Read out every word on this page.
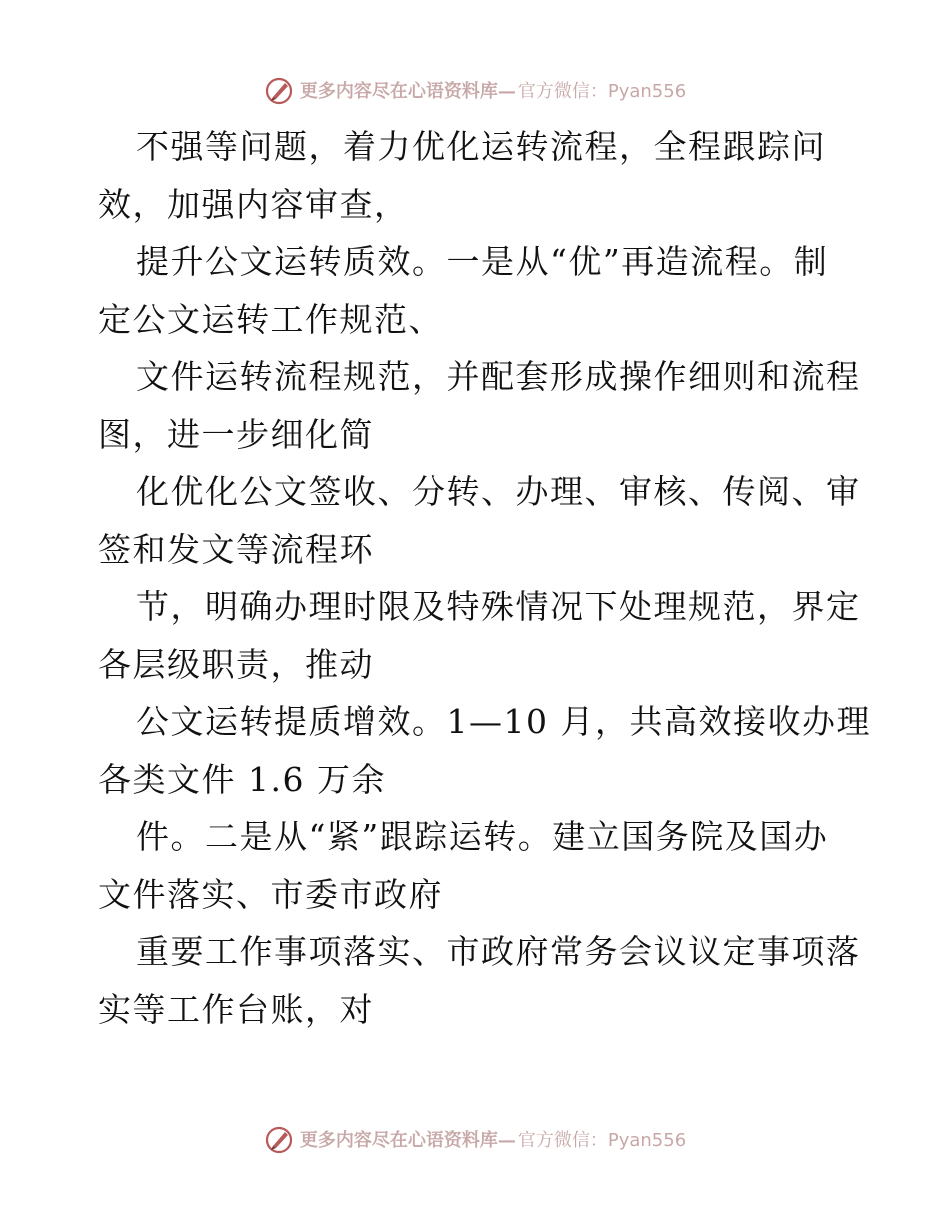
更多内容尽在心语资料库— 官方微信：Pyan556
不强等问题，着力优化运转流程，全程跟踪问
效，加强内容审查，
提升公文运转质效。一是从“优”再造流程。制
定公文运转工作规范、
文件运转流程规范，并配套形成操作细则和流程
图，进一步细化简
化优化公文签收、分转、办理、审核、传阅、审
签和发文等流程环
节，明确办理时限及特殊情况下处理规范，界定
各层级职责，推动
公文运转提质增效。1—10 月，共高效接收办理
各类文件 1.6 万余
件。二是从“紧”跟踪运转。建立国务院及国办
文件落实、市委市政府
重要工作事项落实、市政府常务会议议定事项落
实等工作台账，对
更多内容尽在心语资料库— 官方微信：Pyan556
